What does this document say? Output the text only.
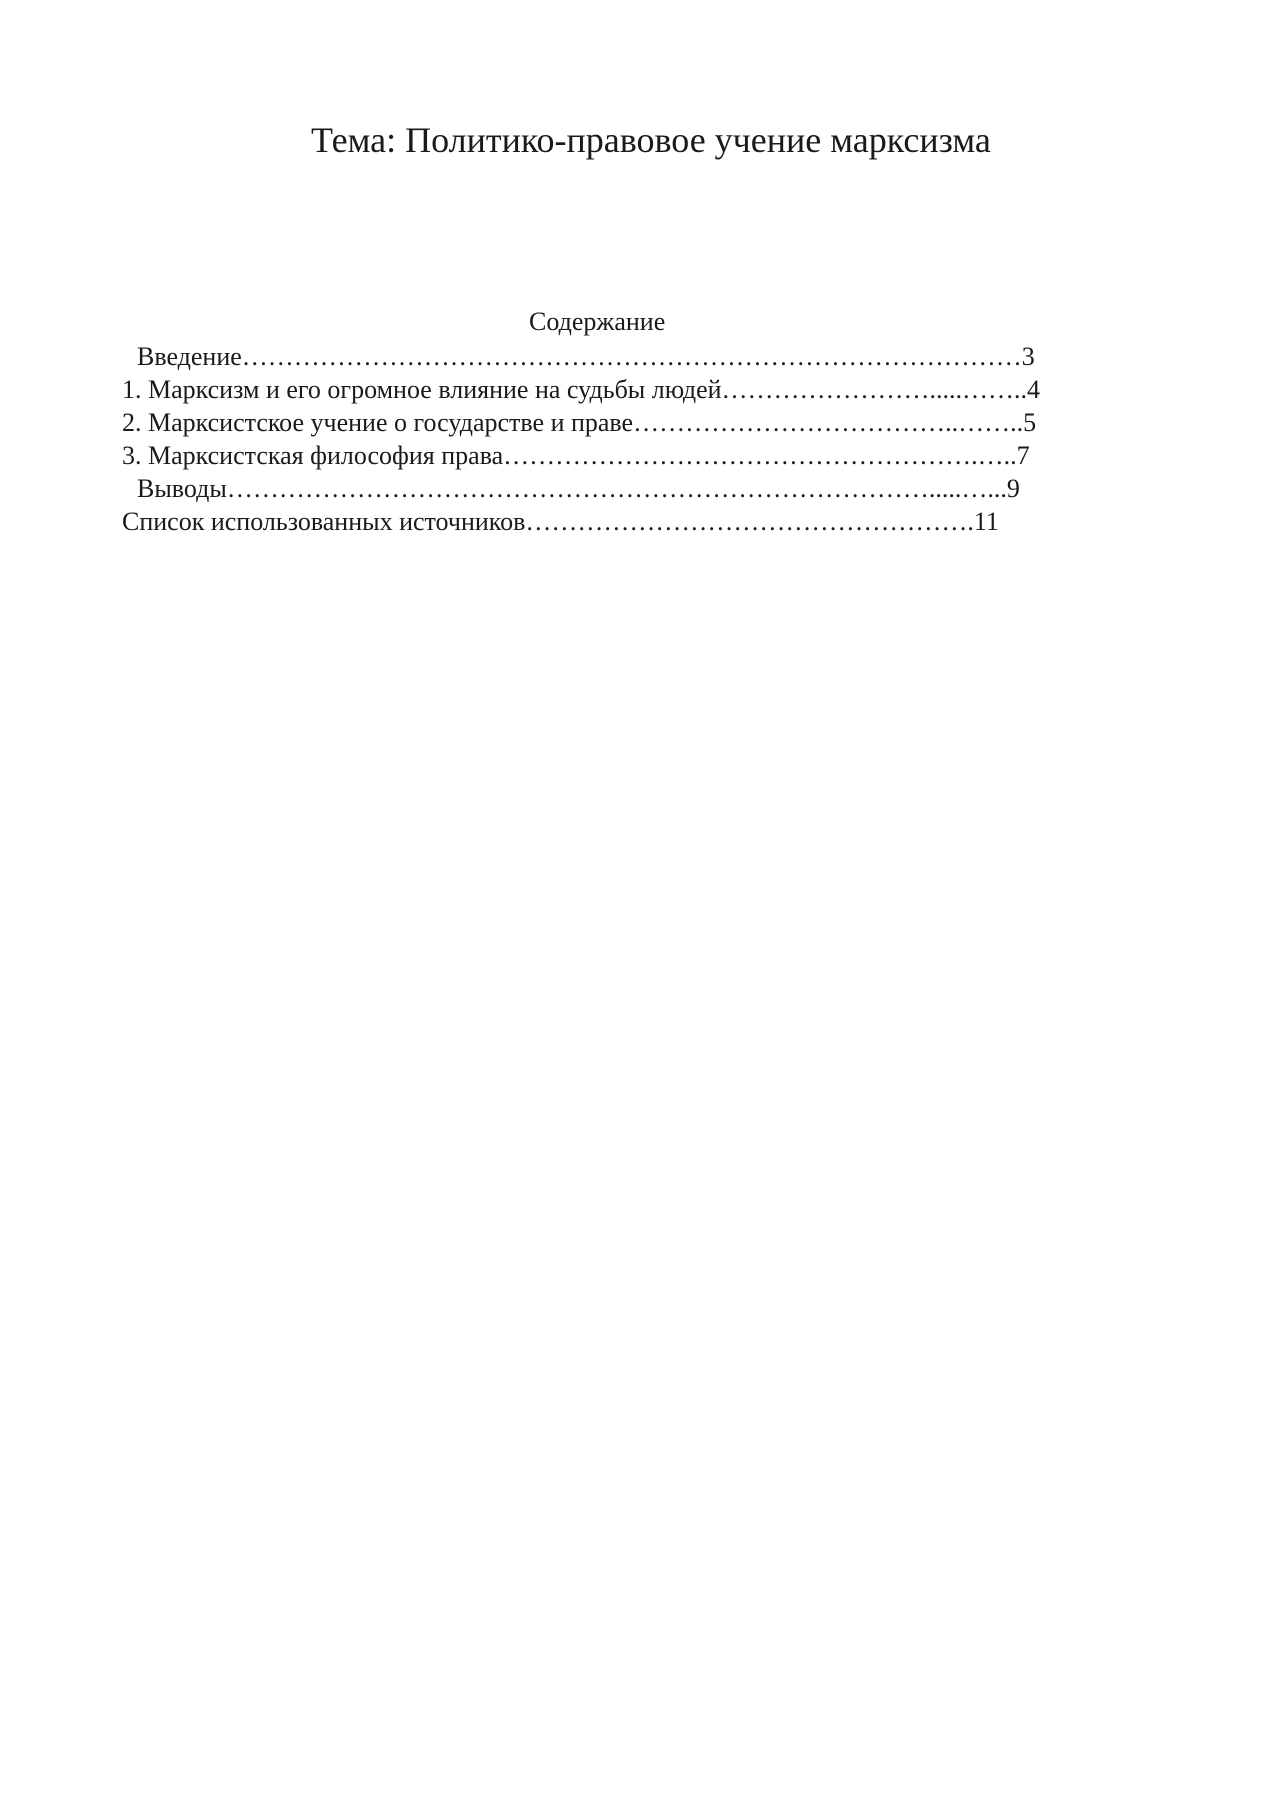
Тема: Политико-правовое учение марксизма
Содержание
Введение………………………………………………………………………………3
1. Марксизм и его огромное влияние на судьбы людей…………………….....……..4
2. Марксистское учение о государстве и праве………………………………..……..5
3. Марксистская философия права……………………………………………….…..7
Выводы……………………………………………………………………….....…...9
Список использованных источников…………………………………………….11
